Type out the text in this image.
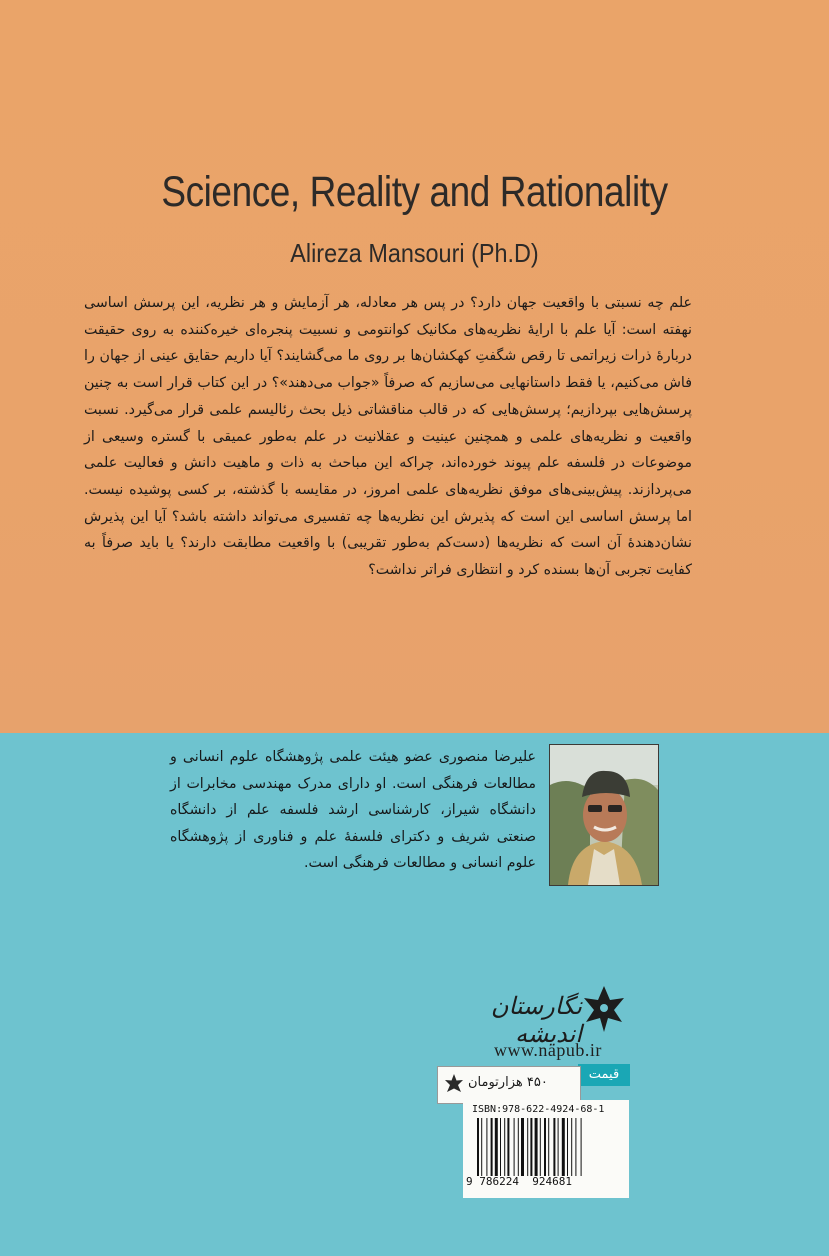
Science, Reality and Rationality
Alireza Mansouri (Ph.D)
علم چه نسبتی با واقعیت جهان دارد؟ در پس هر معادله، هر آزمایش و هر نظریه، این پرسش اساسی نهفته است: آیا علم با ارایهٔ نظریه‌های مکانیک کوانتومی و نسبیت پنجره‌ای خیره‌کننده به روی حقیقت دربارهٔ ذرات زیراتمی تا رقص شگفتِ کهکشان‌ها بر روی ما می‌گشایند؟ آیا داریم حقایق عینی از جهان را فاش می‌کنیم، یا فقط داستانهایی می‌سازیم که صرفاً «جواب می‌دهند»؟ در این کتاب قرار است به چنین پرسش‌هایی بپردازیم؛ پرسش‌هایی که در قالب مناقشاتی ذیل بحث رئالیسم علمی قرار می‌گیرد. نسبت واقعیت و نظریه‌های علمی و همچنین عینیت و عقلانیت در علم به‌طور عمیقی با گستره وسیعی از موضوعات در فلسفه علم پیوند خورده‌اند، چراکه این مباحث به ذات و ماهیت دانش و فعالیت علمی می‌پردازند. پیش‌بینی‌های موفق نظریه‌های علمی امروز، در مقایسه با گذشته، بر کسی پوشیده نیست. اما پرسش اساسی این است که پذیرش این نظریه‌ها چه تفسیری می‌تواند داشته باشد؟ آیا این پذیرش نشان‌دهندهٔ آن است که نظریه‌ها (دست‌کم به‌طور تقریبی) با واقعیت مطابقت دارند؟ یا باید صرفاً به کفایت تجربی آن‌ها بسنده کرد و انتظاری فراتر نداشت؟
علیرضا منصوری عضو هیئت علمی پژوهشگاه علوم انسانی و مطالعات فرهنگی است. او دارای مدرک مهندسی مخابرات از دانشگاه شیراز، کارشناسی ارشد فلسفه علم از دانشگاه صنعتی شریف و دکترای فلسفهٔ علم و فناوری از پژوهشگاه علوم انسانی و مطالعات فرهنگی است.
نگارستان اندیشه
www.napub.ir
قیمت
۴۵۰ هزارتومان
ISBN:978-622-4924-68-1
9 786224  924681
